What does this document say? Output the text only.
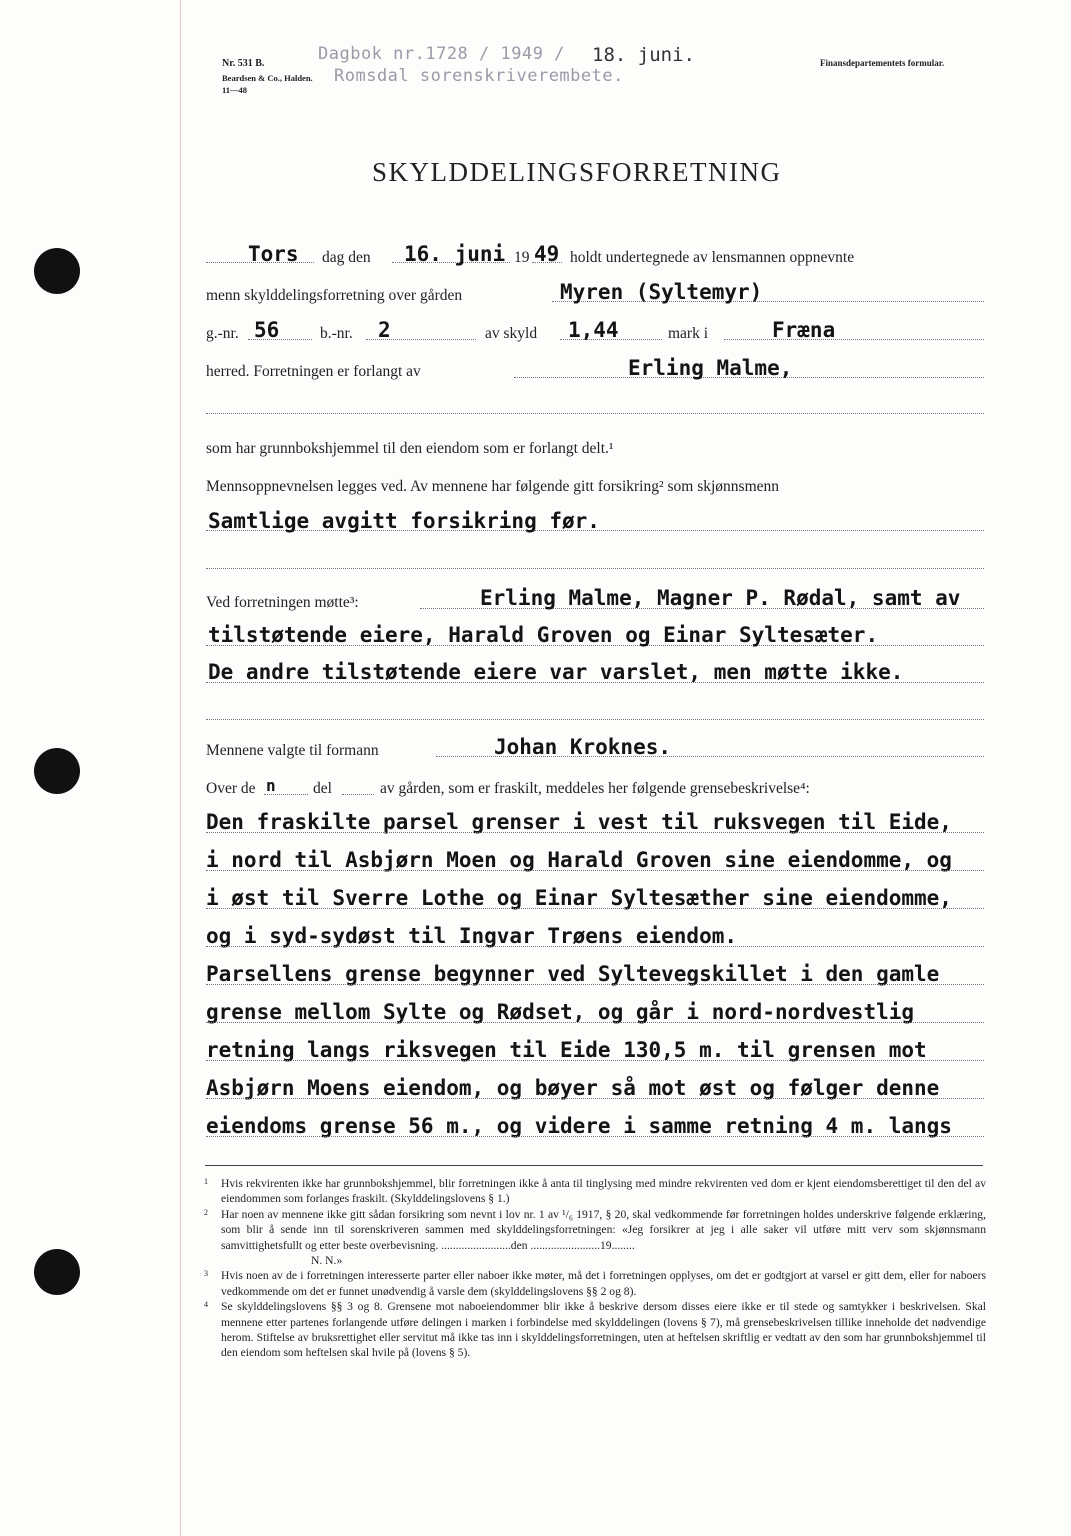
Nr. 531 B.
Beardsen & Co., Halden.
11—48
Dagbok nr.1728 / 1949 /
Romsdal sorenskriverembete.
18. juni.	Finansdepartementets formular.
SKYLDDELINGSFORRETNING
Tors dag den 16. juni 19 49 holdt undertegnede av lensmannen oppnevnte
menn skylddelingsforretning over gården	Myren (Syltemyr)
g.-nr. 56	b.-nr. 2	av skyld 1,44	mark i	Fræna
herred. Forretningen er forlangt av	Erling Malme,
som har grunnbokshjemmel til den eiendom som er forlangt delt.¹
Mennsoppnevnelsen legges ved. Av mennene har følgende gitt forsikring² som skjønnsmenn
Samtlige avgitt forsikring før.
Ved forretningen møtte³:	Erling Malme, Magner P. Rødal, samt av
tilstøtende eiere, Harald Groven og Einar Syltesæter.
De andre tilstøtende eiere var varslet, men møtte ikke.
Mennene valgte til formann	Johan Kroknes.
Over de n del	av gården, som er fraskilt, meddeles her følgende grensebeskrivelse⁴:
Den fraskilte parsel grenser i vest til ruksvegen til Eide,
i nord til Asbjørn Moen og Harald Groven sine eiendomme, og
i øst til Sverre Lothe og Einar Syltesæther sine eiendomme,
og i syd-sydøst til Ingvar Trøens eiendom.
Parsellens grense begynner ved Syltevegskillet i den gamle
grense mellom Sylte og Rødset, og går i nord-nordvestlig
retning langs riksvegen til Eide 130,5 m. til grensen mot
Asbjørn Moens eiendom, og bøyer så mot øst og følger denne
eiendoms grense 56 m., og videre i samme retning 4 m. langs
1 Hvis rekvirenten ikke har grunnbokshjemmel, blir forretningen ikke å anta til tinglysing med mindre rekvirenten ved dom er kjent eiendomsberettiget til den del av eiendommen som forlanges fraskilt. (Skylddelingslovens § 1.)

2 Har noen av mennene ikke gitt sådan forsikring som nevnt i lov nr. 1 av ¹/₆ 1917, § 20, skal vedkommende før forretningen holdes underskrive følgende erklæring, som blir å sende inn til sorenskriveren sammen med skylddelingsforretningen: «Jeg forsikrer at jeg i alle saker vil utføre mitt verv som skjønnsmann samvittighetsfullt og etter beste overbevisning. ........................den ........................19........

N. N.»

3 Hvis noen av de i forretningen interesserte parter eller naboer ikke møter, må det i forretningen opplyses, om det er godtgjort at varsel er gitt dem, eller for naboers vedkommende om det er funnet unødvendig å varsle dem (skylddelingslovens §§ 2 og 8).

4 Se skylddelingslovens §§ 3 og 8. Grensene mot naboeiendommer blir ikke å beskrive dersom disses eiere ikke er til stede og samtykker i beskrivelsen. Skal mennene etter partenes forlangende utføre delingen i marken i forbindelse med skylddelingen (lovens § 7), må grensebeskrivelsen tillike inneholde det nødvendige herom. Stiftelse av bruksrettighet eller servitut må ikke tas inn i skylddelingsforretningen, uten at heftelsen skriftlig er vedtatt av den som har grunnbokshjemmel til den eiendom som heftelsen skal hvile på (lovens § 5).
